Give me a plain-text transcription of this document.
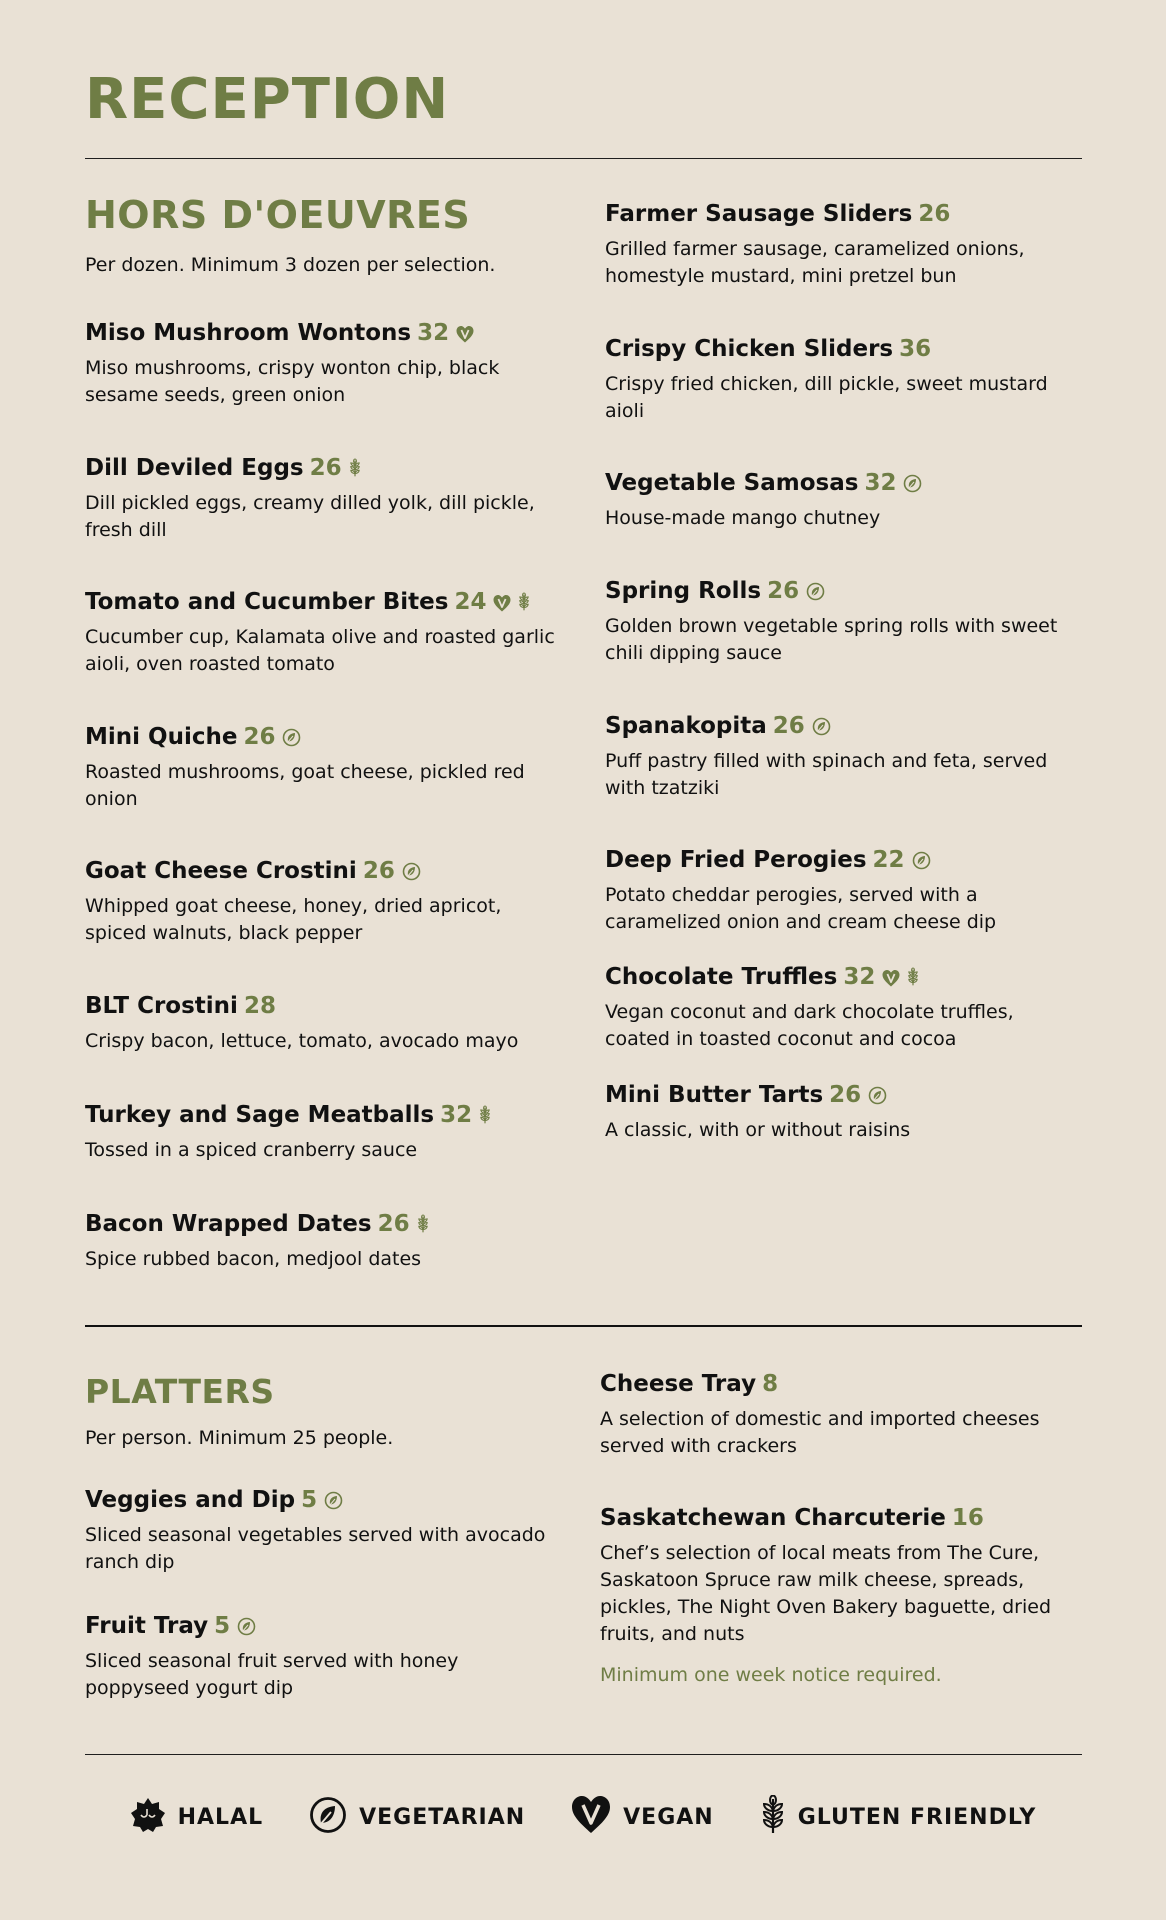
RECEPTION
HORS D'OEUVRES

Per dozen. Minimum 3 dozen per selection.

Miso Mushroom Wontons 32
Miso mushrooms, crispy wonton chip, black sesame seeds, green onion
Dill Deviled Eggs 26
Dill pickled eggs, creamy dilled yolk, dill pickle, fresh dill
Tomato and Cucumber Bites 24
Cucumber cup, Kalamata olive and roasted garlic aioli, oven roasted tomato
Mini Quiche 26
Roasted mushrooms, goat cheese, pickled red onion
Goat Cheese Crostini 26
Whipped goat cheese, honey, dried apricot, spiced walnuts, black pepper
BLT Crostini 28
Crispy bacon, lettuce, tomato, avocado mayo
Turkey and Sage Meatballs 32
Tossed in a spiced cranberry sauce
Bacon Wrapped Dates 26
Spice rubbed bacon, medjool dates
Farmer Sausage Sliders 26
Grilled farmer sausage, caramelized onions, homestyle mustard, mini pretzel bun
Crispy Chicken Sliders 36
Crispy fried chicken, dill pickle, sweet mustard aioli
Vegetable Samosas 32
House-made mango chutney
Spring Rolls 26
Golden brown vegetable spring rolls with sweet chili dipping sauce
Spanakopita 26
Puff pastry filled with spinach and feta, served with tzatziki
Deep Fried Perogies 22
Potato cheddar perogies, served with a caramelized onion and cream cheese dip
Chocolate Truffles 32
Vegan coconut and dark chocolate truffles, coated in toasted coconut and cocoa
Mini Butter Tarts 26
A classic, with or without raisins
PLATTERS

Per person. Minimum 25 people.

Veggies and Dip 5
Sliced seasonal vegetables served with avocado ranch dip
Fruit Tray 5
Sliced seasonal fruit served with honey poppyseed yogurt dip
Cheese Tray 8
A selection of domestic and imported cheeses served with crackers
Saskatchewan Charcuterie 16
Chef’s selection of local meats from The Cure, Saskatoon Spruce raw milk cheese, spreads, pickles, The Night Oven Bakery baguette, dried fruits, and nuts
Minimum one week notice required.
HALAL	VEGETARIAN	VEGAN	GLUTEN FRIENDLY
